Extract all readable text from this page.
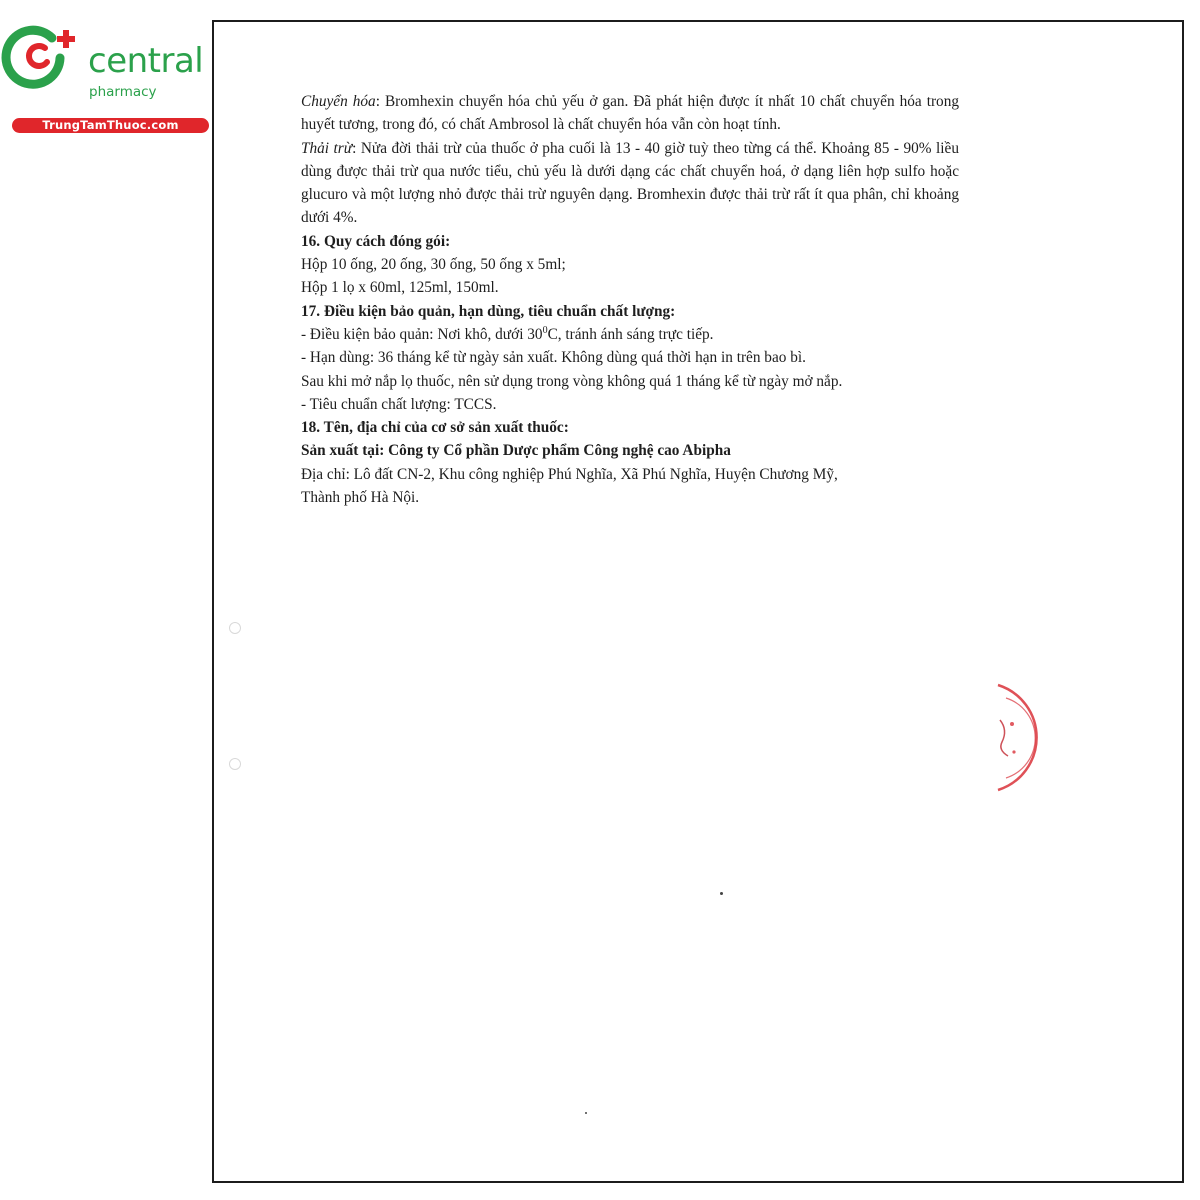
central
pharmacy
TrungTamThuoc.com

Chuyển hóa: Bromhexin chuyển hóa chủ yếu ở gan. Đã phát hiện được ít nhất 10 chất chuyển hóa trong huyết tương, trong đó, có chất Ambrosol là chất chuyển hóa vẫn còn hoạt tính.

Thải trừ: Nửa đời thải trừ của thuốc ở pha cuối là 13 - 40 giờ tuỳ theo từng cá thể. Khoảng 85 - 90% liều dùng được thải trừ qua nước tiểu, chủ yếu là dưới dạng các chất chuyển hoá, ở dạng liên hợp sulfo hoặc glucuro và một lượng nhỏ được thải trừ nguyên dạng. Bromhexin được thải trừ rất ít qua phân, chỉ khoảng dưới 4%.

16. Quy cách đóng gói:

Hộp 10 ống, 20 ống, 30 ống, 50 ống x 5ml;

Hộp 1 lọ x 60ml, 125ml, 150ml.

17. Điều kiện bảo quản, hạn dùng, tiêu chuẩn chất lượng:

- Điều kiện bảo quản: Nơi khô, dưới $30^0C$, tránh ánh sáng trực tiếp.

- Hạn dùng: 36 tháng kể từ ngày sản xuất. Không dùng quá thời hạn in trên bao bì.

Sau khi mở nắp lọ thuốc, nên sử dụng trong vòng không quá 1 tháng kể từ ngày mở nắp.

- Tiêu chuẩn chất lượng: TCCS.

18. Tên, địa chỉ của cơ sở sản xuất thuốc:

Sản xuất tại: Công ty Cổ phần Dược phẩm Công nghệ cao Abipha

Địa chỉ: Lô đất CN-2, Khu công nghiệp Phú Nghĩa, Xã Phú Nghĩa, Huyện Chương Mỹ,

Thành phố Hà Nội.
